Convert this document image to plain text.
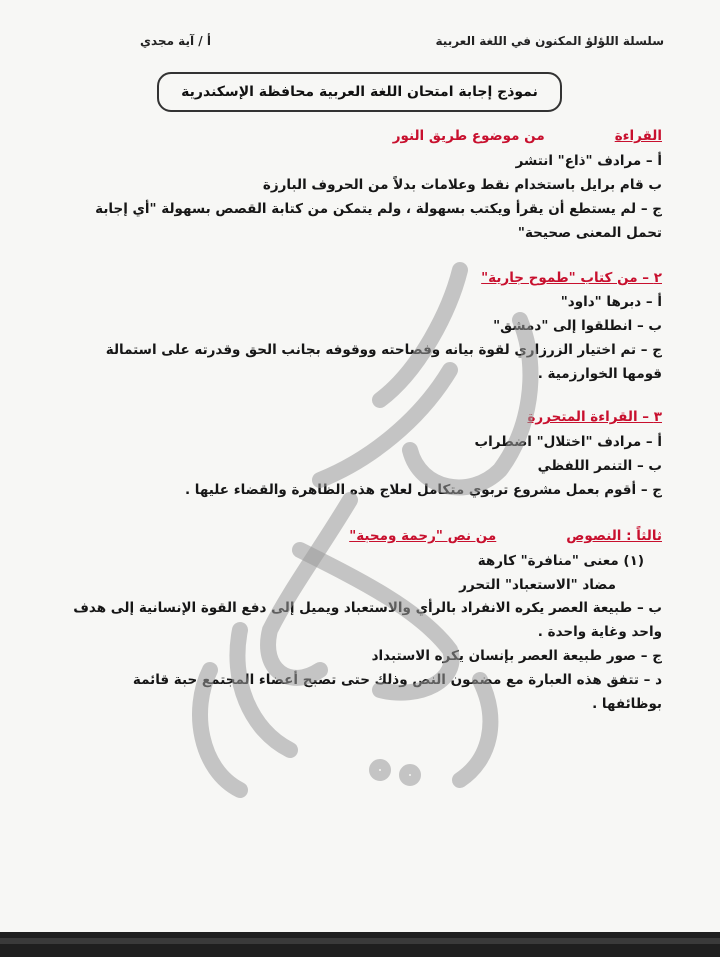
سلسلة اللؤلؤ المكنون في اللغة العربية
أ / آية مجدي
نموذج إجابة امتحان اللغة العربية محافظة الإسكندرية
القراءةمن موضوع طريق النور
أ – مرادف "ذاع" انتشر
ب قام برايل باستخدام نقط وعلامات بدلاً من الحروف البارزة
ج – لم يستطع أن يقرأ ويكتب بسهولة ، ولم يتمكن من كتابة القصص بسهولة "أي إجابة
تحمل المعنى صحيحة"
٢ – من كتاب "طموح جارية"
أ – دبرها "داود"
ب – انطلقوا إلى "دمشق"
ج – تم اختيار الزرزاري لقوة بيانه وفصاحته ووقوفه بجانب الحق وقدرته على استمالة
قومها الخوارزمية .
٣ – القراءة المتحررة
أ – مرادف "اختلال" اضطراب
ب – التنمر اللفظي
ج – أقوم بعمل مشروع تربوي متكامل لعلاج هذه الظاهرة والقضاء عليها .
ثالثاً : النصوصمن نص "رحمة ومحبة"
(١) معنى "منافرة" كارهة
مضاد "الاستعباد" التحرر
ب – طبيعة العصر يكره الانفراد بالرأي والاستعباد ويميل إلى دفع القوة الإنسانية إلى هدف
واحد وغاية واحدة .
ج – صور طبيعة العصر بإنسان يكره الاستبداد
د – تتفق هذه العبارة مع مضمون النص وذلك حتى تصبح أعضاء المجتمع حبة قائمة
بوظائفها .
